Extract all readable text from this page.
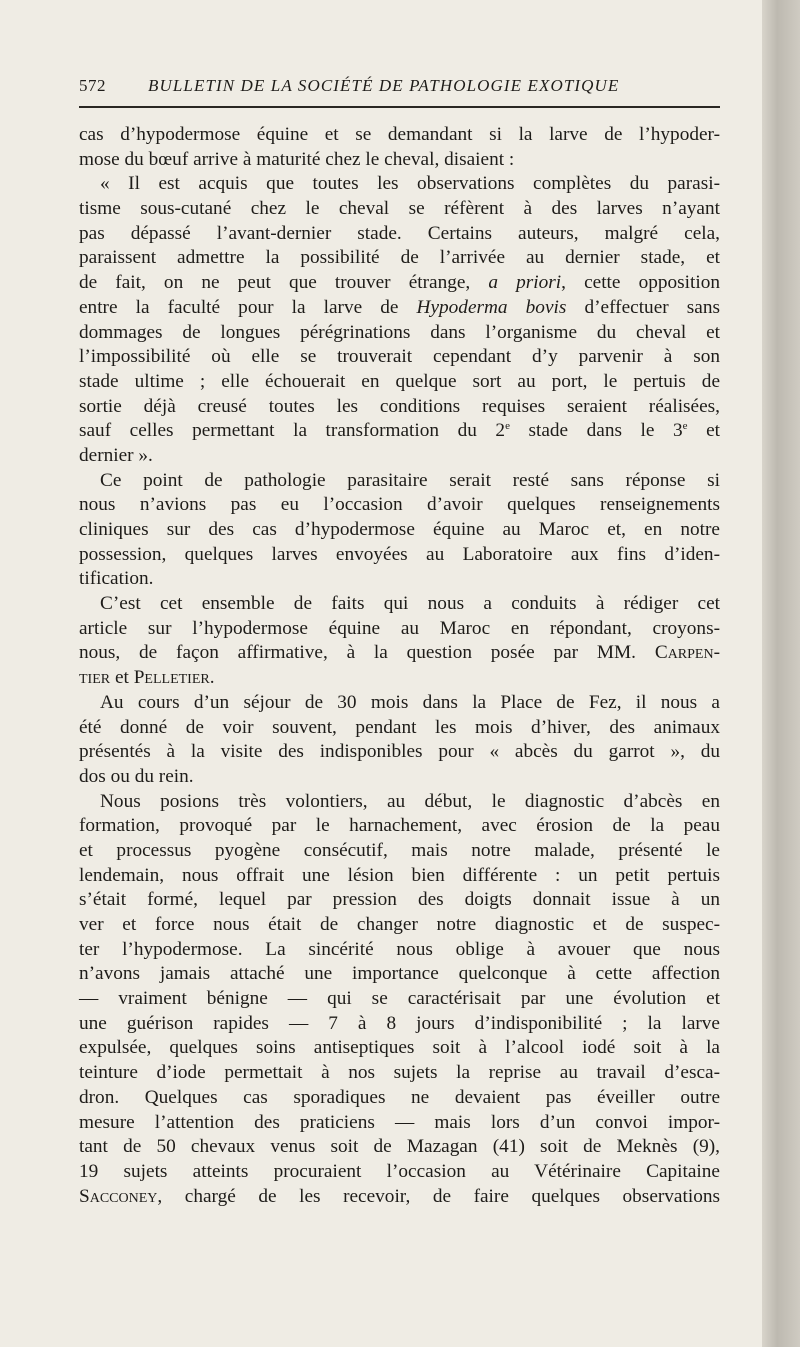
572 BULLETIN DE LA SOCIÉTÉ DE PATHOLOGIE EXOTIQUE
cas d’hypodermose équine et se demandant si la larve de l’hypoder-
mose du bœuf arrive à maturité chez le cheval, disaient :
« Il est acquis que toutes les observations complètes du parasi-
tisme sous-cutané chez le cheval se réfèrent à des larves n’ayant
pas dépassé l’avant-dernier stade. Certains auteurs, malgré cela,
paraissent admettre la possibilité de l’arrivée au dernier stade, et
de fait, on ne peut que trouver étrange, a priori, cette opposition
entre la faculté pour la larve de Hypoderma bovis d’effectuer sans
dommages de longues pérégrinations dans l’organisme du cheval et
l’impossibilité où elle se trouverait cependant d’y parvenir à son
stade ultime ; elle échouerait en quelque sort au port, le pertuis de
sortie déjà creusé toutes les conditions requises seraient réalisées,
sauf celles permettant la transformation du 2e stade dans le 3e et
dernier ».
Ce point de pathologie parasitaire serait resté sans réponse si
nous n’avions pas eu l’occasion d’avoir quelques renseignements
cliniques sur des cas d’hypodermose équine au Maroc et, en notre
possession, quelques larves envoyées au Laboratoire aux fins d’iden-
tification.
C’est cet ensemble de faits qui nous a conduits à rédiger cet
article sur l’hypodermose équine au Maroc en répondant, croyons-
nous, de façon affirmative, à la question posée par MM. Carpen-
tier et Pelletier.
Au cours d’un séjour de 30 mois dans la Place de Fez, il nous a
été donné de voir souvent, pendant les mois d’hiver, des animaux
présentés à la visite des indisponibles pour « abcès du garrot », du
dos ou du rein.
Nous posions très volontiers, au début, le diagnostic d’abcès en
formation, provoqué par le harnachement, avec érosion de la peau
et processus pyogène consécutif, mais notre malade, présenté le
lendemain, nous offrait une lésion bien différente : un petit pertuis
s’était formé, lequel par pression des doigts donnait issue à un
ver et force nous était de changer notre diagnostic et de suspec-
ter l’hypodermose. La sincérité nous oblige à avouer que nous
n’avons jamais attaché une importance quelconque à cette affection
— vraiment bénigne — qui se caractérisait par une évolution et
une guérison rapides — 7 à 8 jours d’indisponibilité ; la larve
expulsée, quelques soins antiseptiques soit à l’alcool iodé soit à la
teinture d’iode permettait à nos sujets la reprise au travail d’esca-
dron. Quelques cas sporadiques ne devaient pas éveiller outre
mesure l’attention des praticiens — mais lors d’un convoi impor-
tant de 50 chevaux venus soit de Mazagan (41) soit de Meknès (9),
19 sujets atteints procuraient l’occasion au Vétérinaire Capitaine
Sacconey, chargé de les recevoir, de faire quelques observations
